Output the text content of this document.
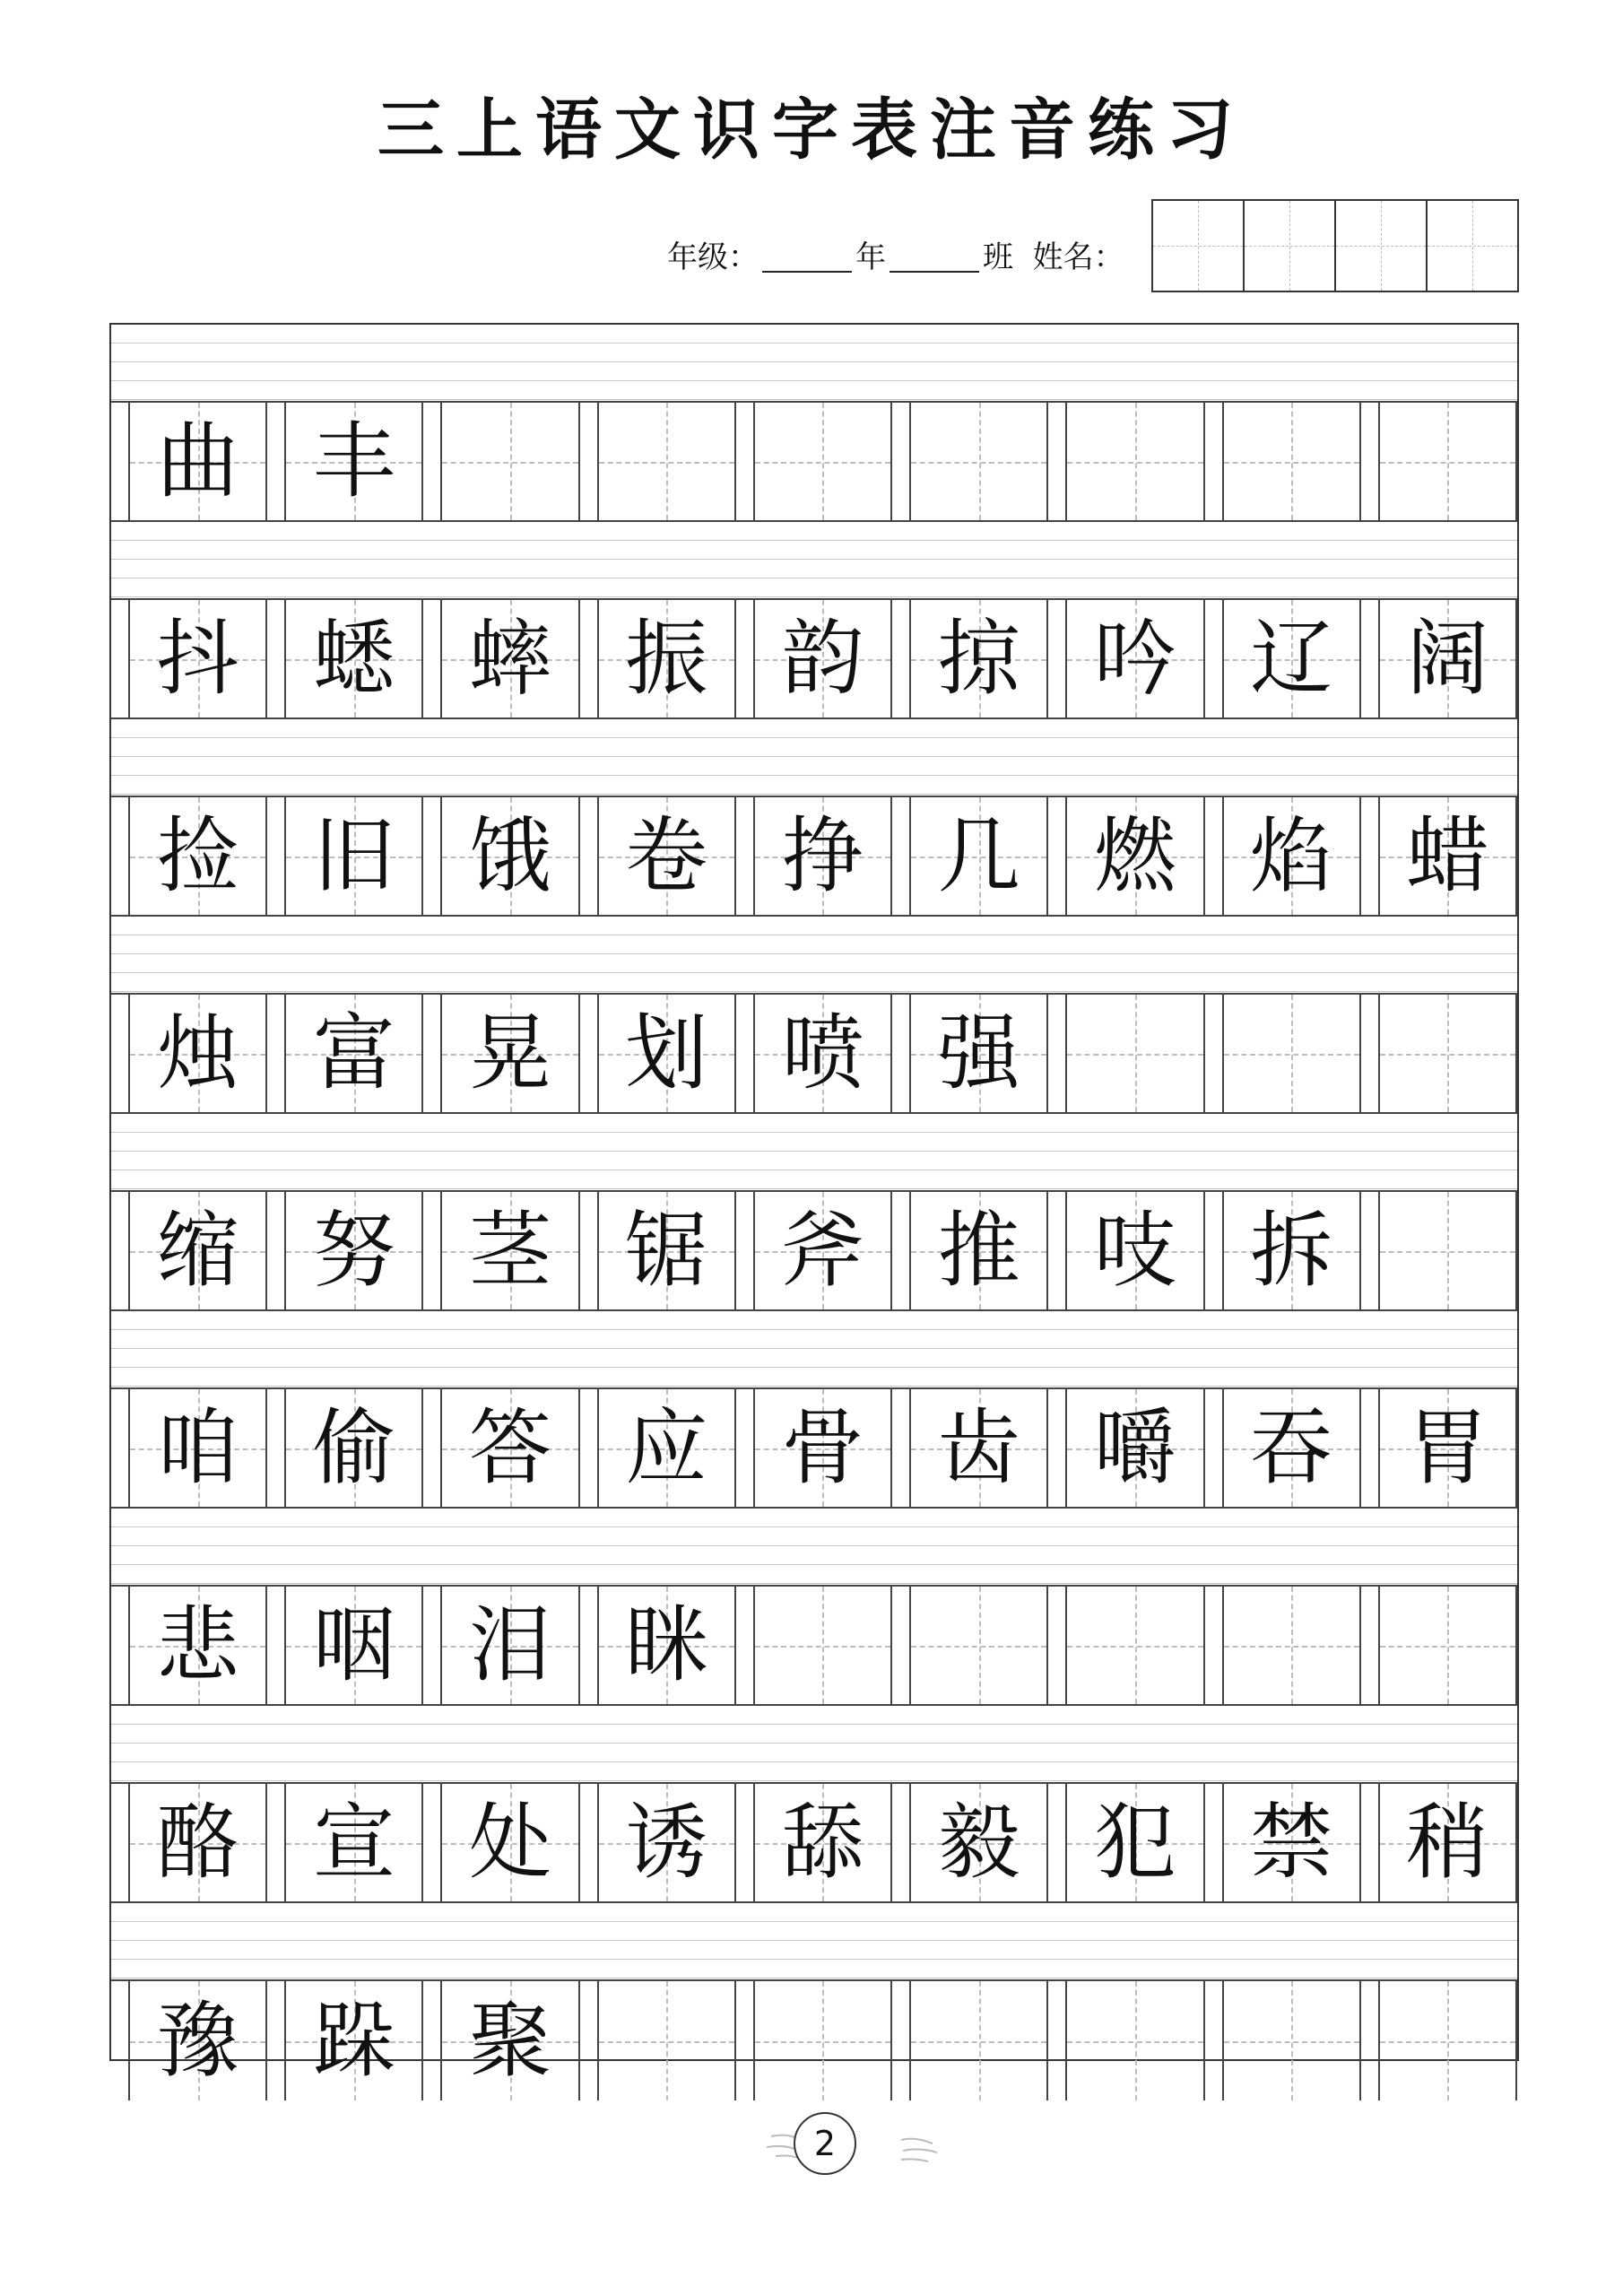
三上语文识字表注音练习
年级：	年	班 姓名：
曲 丰
抖 蟋 蟀 振 韵 掠 吟 辽 阔
捡 旧 饿 卷 挣 几 燃 焰 蜡
烛 富 晃 划 喷 强
缩 努 茎 锯 斧 推 吱 拆
咱 偷 答 应 骨 齿 嚼 吞 胃
悲 咽 泪 眯
酪 宣 处 诱 舔 毅 犯 禁 稍
豫 跺 聚
2
